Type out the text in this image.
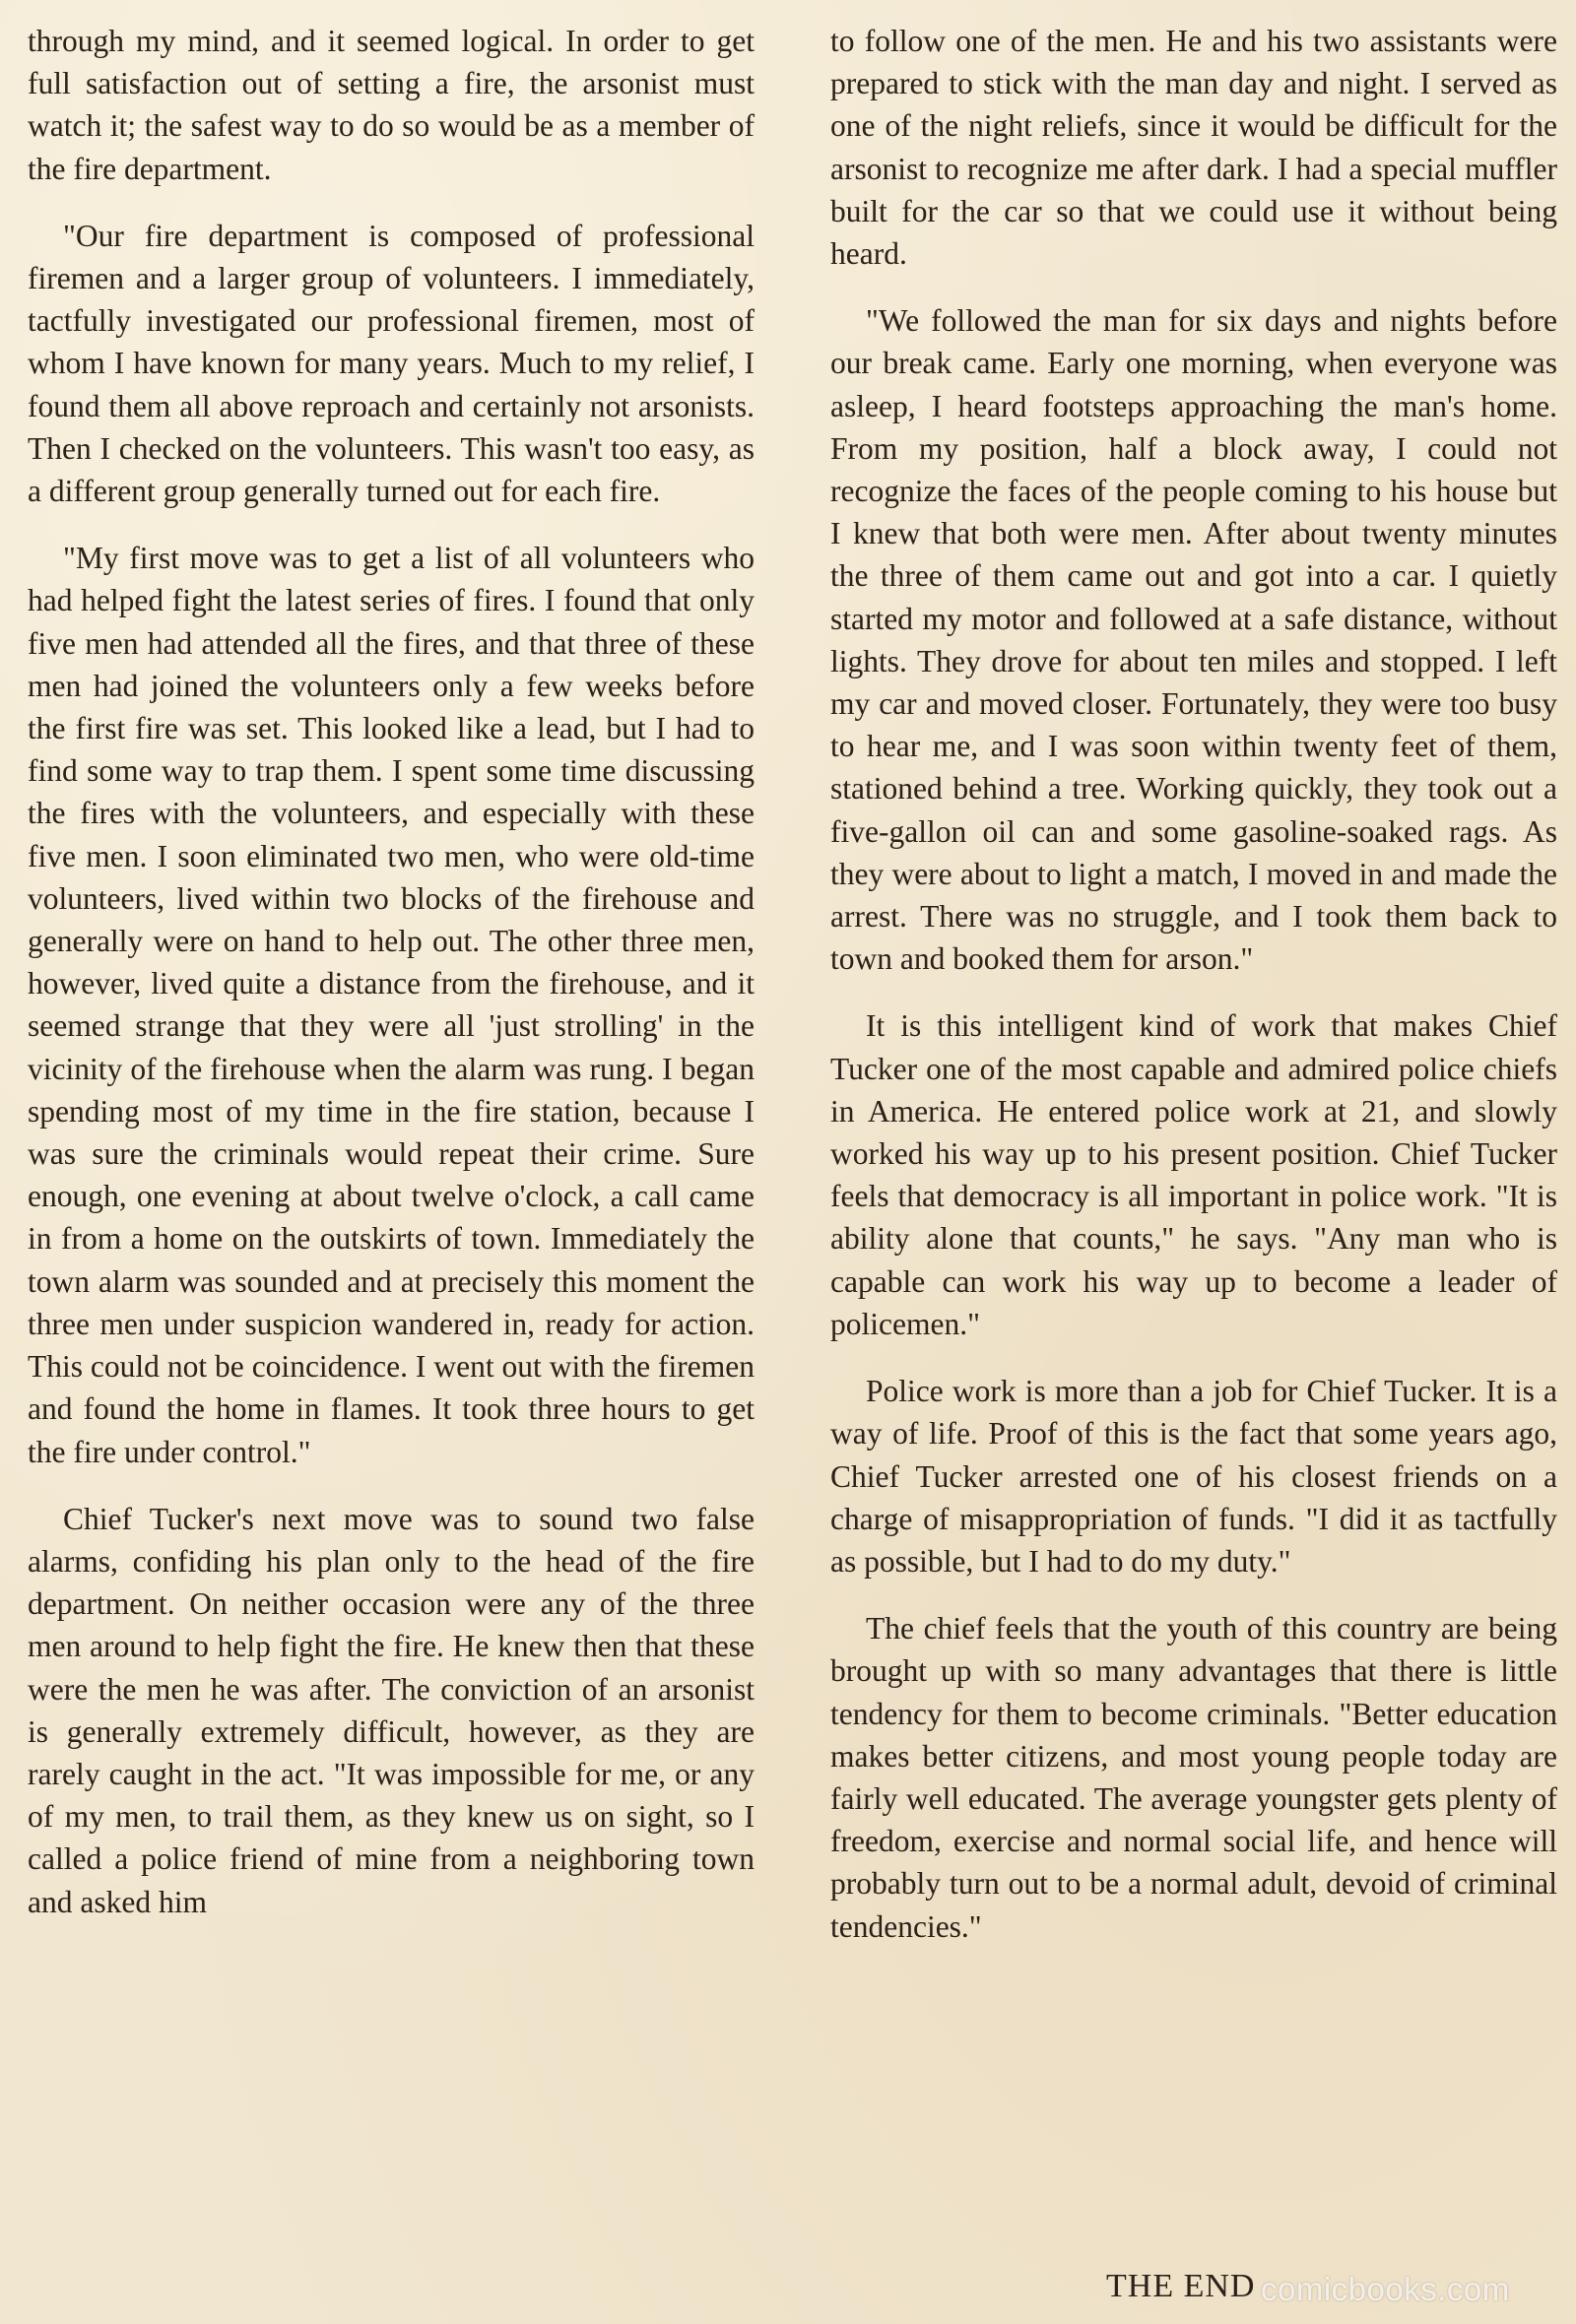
through my mind, and it seemed logical. In order to get full satisfaction out of setting a fire, the arsonist must watch it; the safest way to do so would be as a member of the fire department.

"Our fire department is composed of professional firemen and a larger group of volunteers. I immediately, tactfully investigated our professional firemen, most of whom I have known for many years. Much to my relief, I found them all above reproach and certainly not arsonists. Then I checked on the volunteers. This wasn't too easy, as a different group generally turned out for each fire.

"My first move was to get a list of all volunteers who had helped fight the latest series of fires. I found that only five men had attended all the fires, and that three of these men had joined the volunteers only a few weeks before the first fire was set. This looked like a lead, but I had to find some way to trap them. I spent some time discussing the fires with the volunteers, and especially with these five men. I soon eliminated two men, who were old-time volunteers, lived within two blocks of the firehouse and generally were on hand to help out. The other three men, however, lived quite a distance from the firehouse, and it seemed strange that they were all 'just strolling' in the vicinity of the firehouse when the alarm was rung. I began spending most of my time in the fire station, because I was sure the criminals would repeat their crime. Sure enough, one evening at about twelve o'clock, a call came in from a home on the outskirts of town. Immediately the town alarm was sounded and at precisely this moment the three men under suspicion wandered in, ready for action. This could not be coincidence. I went out with the firemen and found the home in flames. It took three hours to get the fire under control."

Chief Tucker's next move was to sound two false alarms, confiding his plan only to the head of the fire department. On neither occasion were any of the three men around to help fight the fire. He knew then that these were the men he was after. The conviction of an arsonist is generally extremely difficult, however, as they are rarely caught in the act. "It was impossible for me, or any of my men, to trail them, as they knew us on sight, so I called a police friend of mine from a neighboring town and asked him

to follow one of the men. He and his two assistants were prepared to stick with the man day and night. I served as one of the night reliefs, since it would be difficult for the arsonist to recognize me after dark. I had a special muffler built for the car so that we could use it without being heard.

"We followed the man for six days and nights before our break came. Early one morning, when everyone was asleep, I heard footsteps approaching the man's home. From my position, half a block away, I could not recognize the faces of the people coming to his house but I knew that both were men. After about twenty minutes the three of them came out and got into a car. I quietly started my motor and followed at a safe distance, without lights. They drove for about ten miles and stopped. I left my car and moved closer. Fortunately, they were too busy to hear me, and I was soon within twenty feet of them, stationed behind a tree. Working quickly, they took out a five-gallon oil can and some gasoline-soaked rags. As they were about to light a match, I moved in and made the arrest. There was no struggle, and I took them back to town and booked them for arson."

It is this intelligent kind of work that makes Chief Tucker one of the most capable and admired police chiefs in America. He entered police work at 21, and slowly worked his way up to his present position. Chief Tucker feels that democracy is all important in police work. "It is ability alone that counts," he says. "Any man who is capable can work his way up to become a leader of policemen."

Police work is more than a job for Chief Tucker. It is a way of life. Proof of this is the fact that some years ago, Chief Tucker arrested one of his closest friends on a charge of misappropriation of funds. "I did it as tactfully as possible, but I had to do my duty."

The chief feels that the youth of this country are being brought up with so many advantages that there is little tendency for them to become criminals. "Better education makes better citizens, and most young people today are fairly well educated. The average youngster gets plenty of freedom, exercise and normal social life, and hence will probably turn out to be a normal adult, devoid of criminal tendencies."

THE END comicbooks.com
